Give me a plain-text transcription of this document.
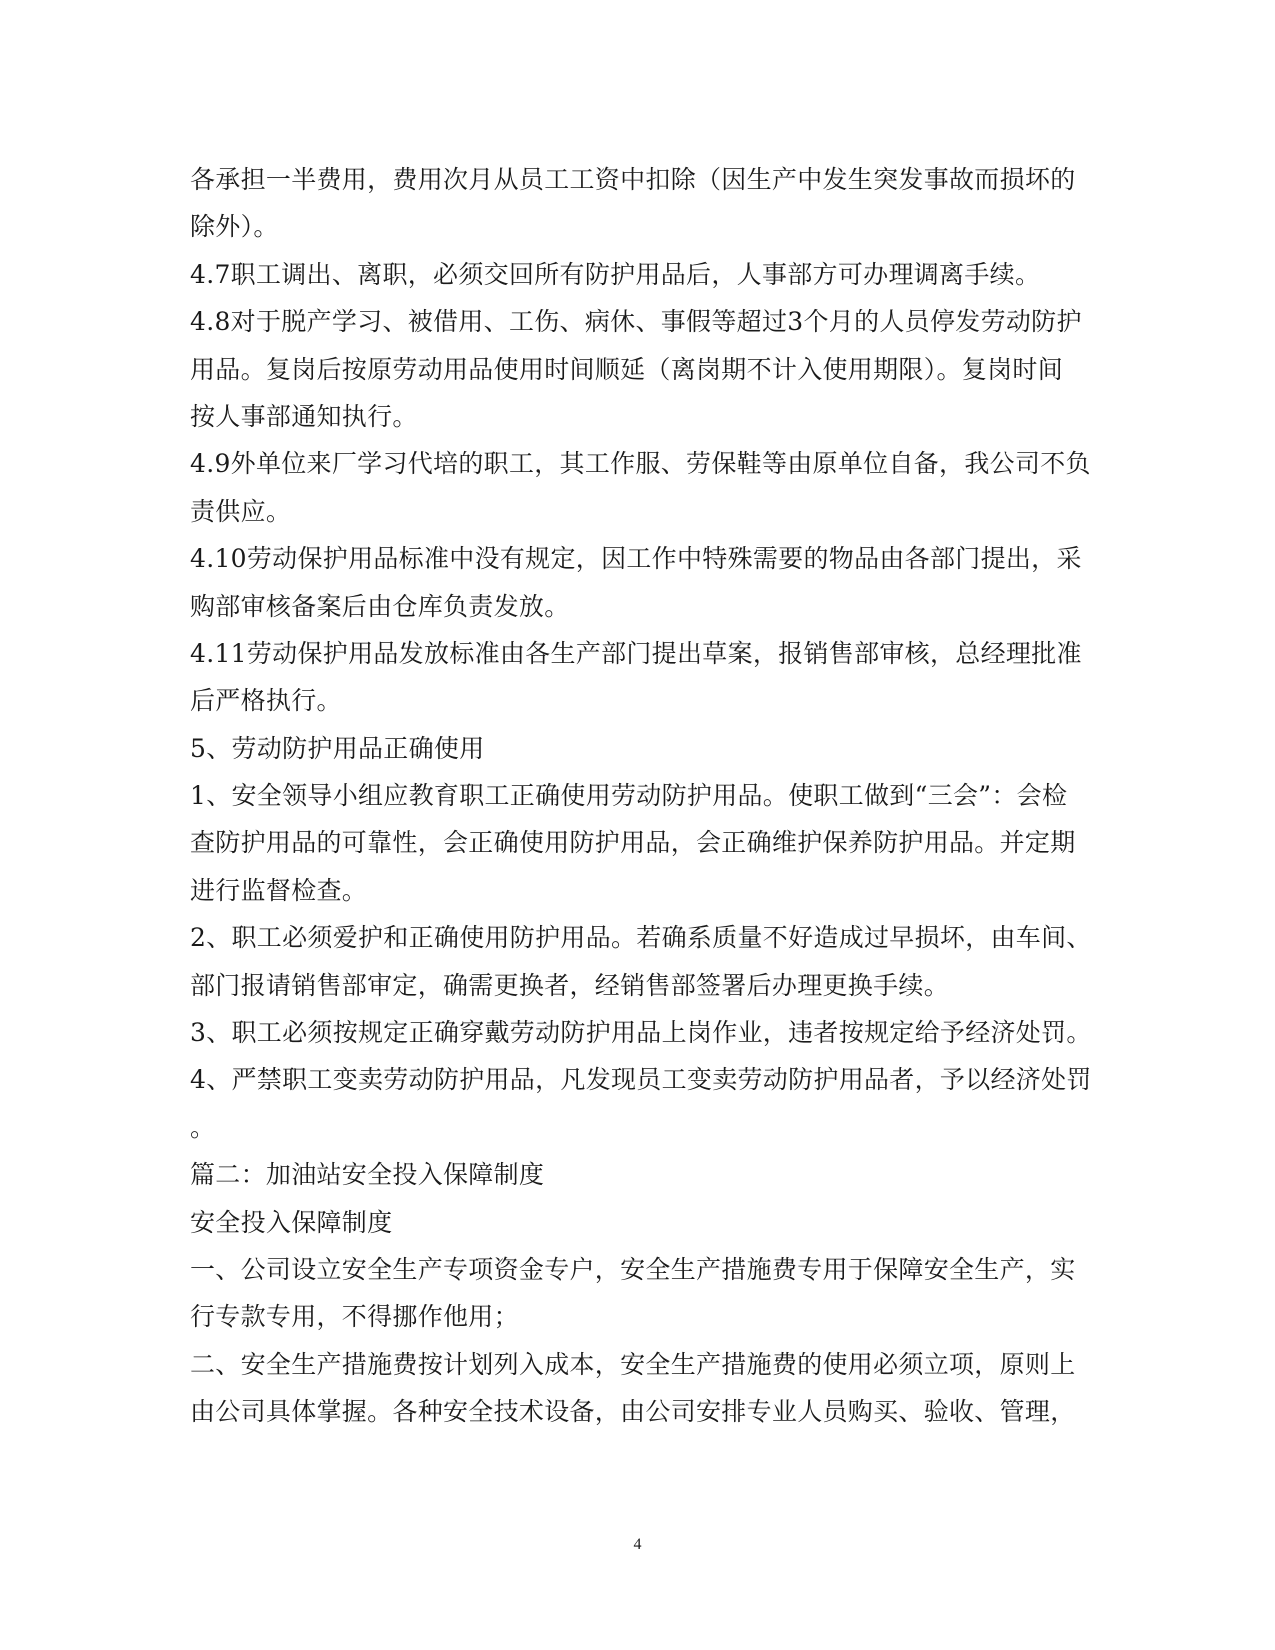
各承担一半费用，费用次月从员工工资中扣除（因生产中发生突发事故而损坏的
除外）。
4.7职工调出、离职，必须交回所有防护用品后，人事部方可办理调离手续。
4.8对于脱产学习、被借用、工伤、病休、事假等超过3个月的人员停发劳动防护
用品。复岗后按原劳动用品使用时间顺延（离岗期不计入使用期限）。复岗时间
按人事部通知执行。
4.9外单位来厂学习代培的职工，其工作服、劳保鞋等由原单位自备，我公司不负
责供应。
4.10劳动保护用品标准中没有规定，因工作中特殊需要的物品由各部门提出，采
购部审核备案后由仓库负责发放。
4.11劳动保护用品发放标准由各生产部门提出草案，报销售部审核，总经理批准
后严格执行。
5、劳动防护用品正确使用
1、安全领导小组应教育职工正确使用劳动防护用品。使职工做到“三会”：会检
查防护用品的可靠性，会正确使用防护用品，会正确维护保养防护用品。并定期
进行监督检查。
2、职工必须爱护和正确使用防护用品。若确系质量不好造成过早损坏，由车间、
部门报请销售部审定，确需更换者，经销售部签署后办理更换手续。
3、职工必须按规定正确穿戴劳动防护用品上岗作业，违者按规定给予经济处罚。
4、严禁职工变卖劳动防护用品，凡发现员工变卖劳动防护用品者，予以经济处罚
。
篇二：加油站安全投入保障制度
安全投入保障制度
一、公司设立安全生产专项资金专户，安全生产措施费专用于保障安全生产，实
行专款专用，不得挪作他用；
二、安全生产措施费按计划列入成本，安全生产措施费的使用必须立项，原则上
由公司具体掌握。各种安全技术设备，由公司安排专业人员购买、验收、管理，
4
